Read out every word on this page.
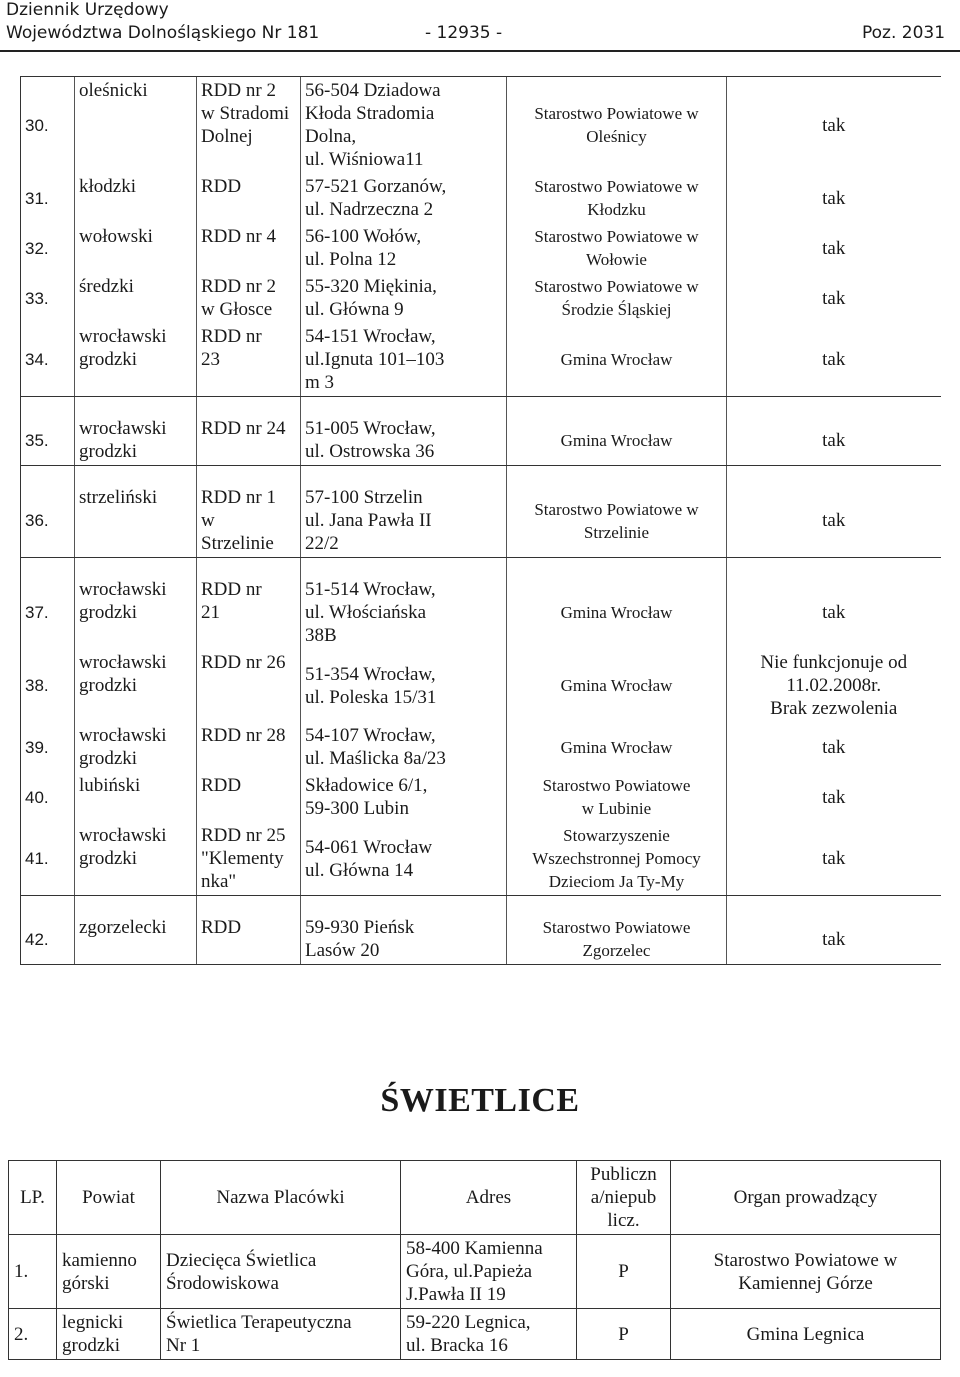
Dziennik Urzędowy
Województwa Dolnośląskiego Nr 181	- 12935 -	Poz. 2031
30.	oleśnicki	RDD nr 2
w Stradomi
Dolnej	56-504 Dziadowa
Kłoda Stradomia
Dolna,
ul. Wiśniowa11	Starostwo Powiatowe w
Oleśnicy	tak
31.	kłodzki	RDD	57-521 Gorzanów,
ul. Nadrzeczna 2	Starostwo Powiatowe w
Kłodzku	tak
32.	wołowski	RDD nr 4	56-100 Wołów,
ul. Polna 12	Starostwo Powiatowe w
Wołowie	tak
33.	średzki	RDD nr 2
w Głosce	55-320 Miękinia,
ul. Główna 9	Starostwo Powiatowe w
Środzie Śląskiej	tak
34.	wrocławski
grodzki	RDD nr
23	54-151 Wrocław,
ul.Ignuta 101–103
m 3	Gmina Wrocław	tak

35.	wrocławski
grodzki	RDD nr 24	51-005 Wrocław,
ul. Ostrowska 36	Gmina Wrocław	tak

36.	strzeliński	RDD nr 1
w
Strzelinie	57-100 Strzelin
ul. Jana Pawła II
22/2	Starostwo Powiatowe w
Strzelinie	tak

37.	wrocławski
grodzki	RDD nr
21	51-514 Wrocław,
ul. Włościańska
38B	Gmina Wrocław	tak
38.	wrocławski
grodzki	RDD nr 26	51-354 Wrocław,
ul. Poleska 15/31	Gmina Wrocław	Nie funkcjonuje od
11.02.2008r.
Brak zezwolenia
39.	wrocławski
grodzki	RDD nr 28	54-107 Wrocław,
ul. Maślicka 8a/23	Gmina Wrocław	tak
40.	lubiński	RDD	Składowice 6/1,
59-300 Lubin	Starostwo Powiatowe
w Lubinie	tak
41.	wrocławski
grodzki	RDD nr 25
"Klementy
nka"	54-061 Wrocław
ul. Główna 14	Stowarzyszenie
Wszechstronnej Pomocy
Dzieciom Ja Ty-My	tak

42.	zgorzelecki	RDD	59-930 Pieńsk
Lasów 20	Starostwo Powiatowe
Zgorzelec	tak
ŚWIETLICE
LP.	Powiat	Nazwa Placówki	Adres	Publiczn
a/niepub
licz.	Organ prowadzący
1.	kamienno
górski	Dziecięca Świetlica
Środowiskowa	58-400 Kamienna
Góra, ul.Papieża
J.Pawła II 19	P	Starostwo Powiatowe w
Kamiennej Górze
2.	legnicki
grodzki	Świetlica Terapeutyczna
Nr 1	59-220 Legnica,
ul. Bracka 16	P	Gmina Legnica
